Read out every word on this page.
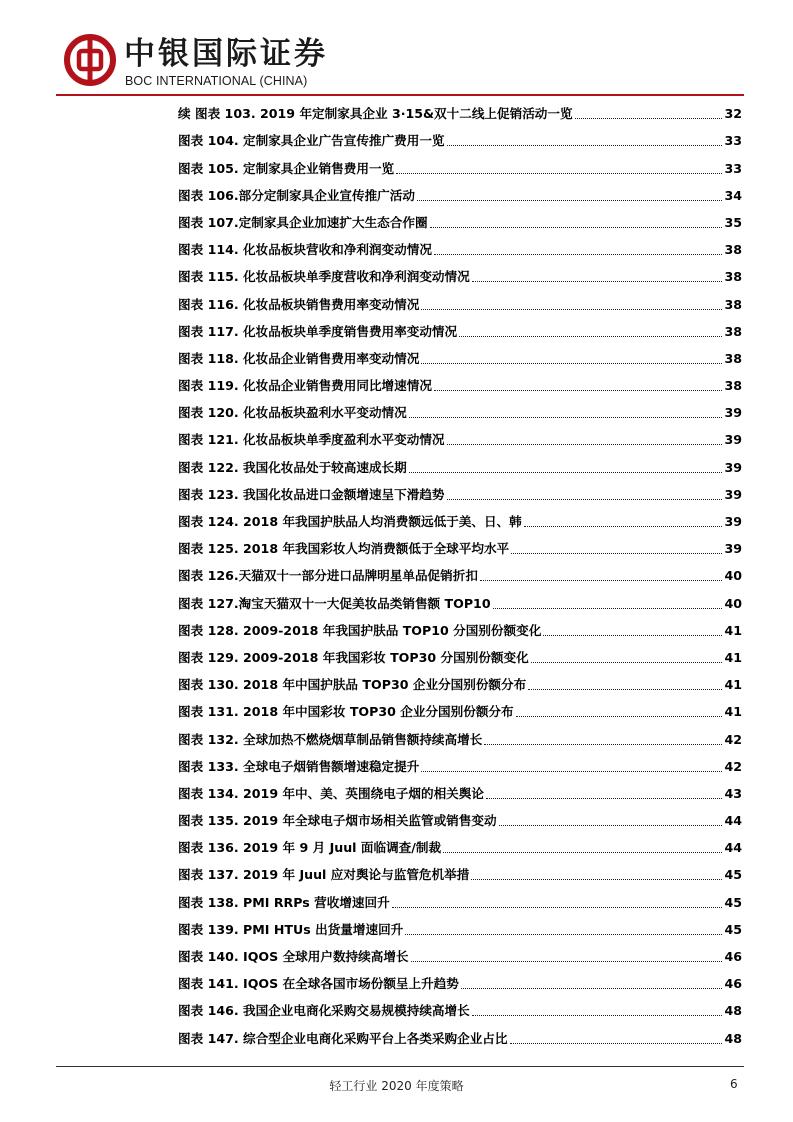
中银国际证券
BOC INTERNATIONAL (CHINA)
续 图表 103. 2019 年定制家具企业 3·15&双十二线上促销活动一览	32
图表 104. 定制家具企业广告宣传推广费用一览	33
图表 105. 定制家具企业销售费用一览	33
图表 106.部分定制家具企业宣传推广活动	34
图表 107.定制家具企业加速扩大生态合作圈	35
图表 114. 化妆品板块营收和净利润变动情况	38
图表 115. 化妆品板块单季度营收和净利润变动情况	38
图表 116. 化妆品板块销售费用率变动情况	38
图表 117. 化妆品板块单季度销售费用率变动情况	38
图表 118. 化妆品企业销售费用率变动情况	38
图表 119. 化妆品企业销售费用同比增速情况	38
图表 120. 化妆品板块盈利水平变动情况	39
图表 121. 化妆品板块单季度盈利水平变动情况	39
图表 122. 我国化妆品处于较高速成长期	39
图表 123. 我国化妆品进口金额增速呈下滑趋势	39
图表 124. 2018 年我国护肤品人均消费额远低于美、日、韩	39
图表 125. 2018 年我国彩妆人均消费额低于全球平均水平	39
图表 126.天猫双十一部分进口品牌明星单品促销折扣	40
图表 127.淘宝天猫双十一大促美妆品类销售额 TOP10	40
图表 128. 2009-2018 年我国护肤品 TOP10 分国别份额变化	41
图表 129. 2009-2018 年我国彩妆 TOP30 分国别份额变化	41
图表 130. 2018 年中国护肤品 TOP30 企业分国别份额分布	41
图表 131. 2018 年中国彩妆 TOP30 企业分国别份额分布	41
图表 132. 全球加热不燃烧烟草制品销售额持续高增长	42
图表 133. 全球电子烟销售额增速稳定提升	42
图表 134. 2019 年中、美、英围绕电子烟的相关舆论	43
图表 135. 2019 年全球电子烟市场相关监管或销售变动	44
图表 136. 2019 年 9 月 Juul 面临调查/制裁	44
图表 137. 2019 年 Juul 应对舆论与监管危机举措	45
图表 138. PMI RRPs 营收增速回升	45
图表 139. PMI HTUs 出货量增速回升	45
图表 140. IQOS 全球用户数持续高增长	46
图表 141. IQOS 在全球各国市场份额呈上升趋势	46
图表 146. 我国企业电商化采购交易规模持续高增长	48
图表 147. 综合型企业电商化采购平台上各类采购企业占比	48
轻工行业 2020 年度策略	6
